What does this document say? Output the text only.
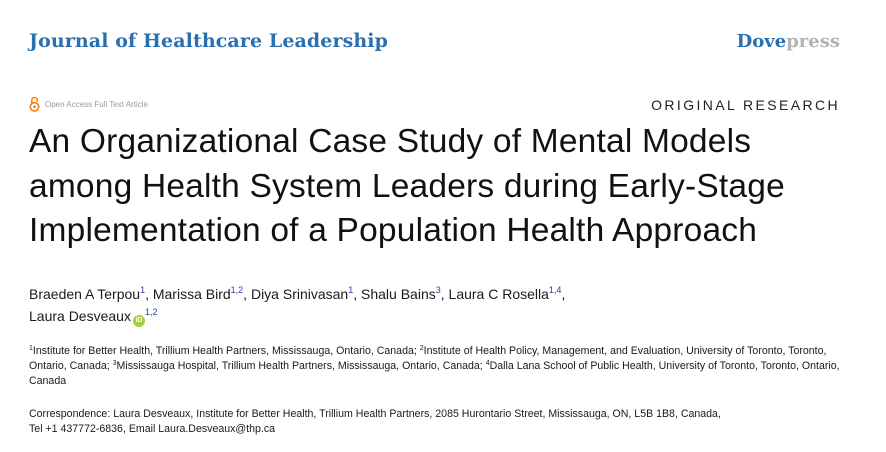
Journal of Healthcare Leadership	Dovepress
Open Access Full Text Article	ORIGINAL RESEARCH
An Organizational Case Study of Mental Models
among Health System Leaders during Early-Stage
Implementation of a Population Health Approach
Braeden A Terpou$^1$, Marissa Bird$^{1,2}$, Diya Srinivasan$^1$, Shalu Bains$^3$, Laura C Rosella$^{1,4}$,
Laura Desveaux iD$^{1,2}$
$^1$Institute for Better Health, Trillium Health Partners, Mississauga, Ontario, Canada; $^2$Institute of Health Policy, Management, and Evaluation, University of Toronto, Toronto, Ontario, Canada; $^3$Mississauga Hospital, Trillium Health Partners, Mississauga, Ontario, Canada; $^4$Dalla Lana School of Public Health, University of Toronto, Toronto, Ontario, Canada
Correspondence: Laura Desveaux, Institute for Better Health, Trillium Health Partners, 2085 Hurontario Street, Mississauga, ON, L5B 1B8, Canada,
Tel +1 437772-6836, Email Laura.Desveaux@thp.ca
